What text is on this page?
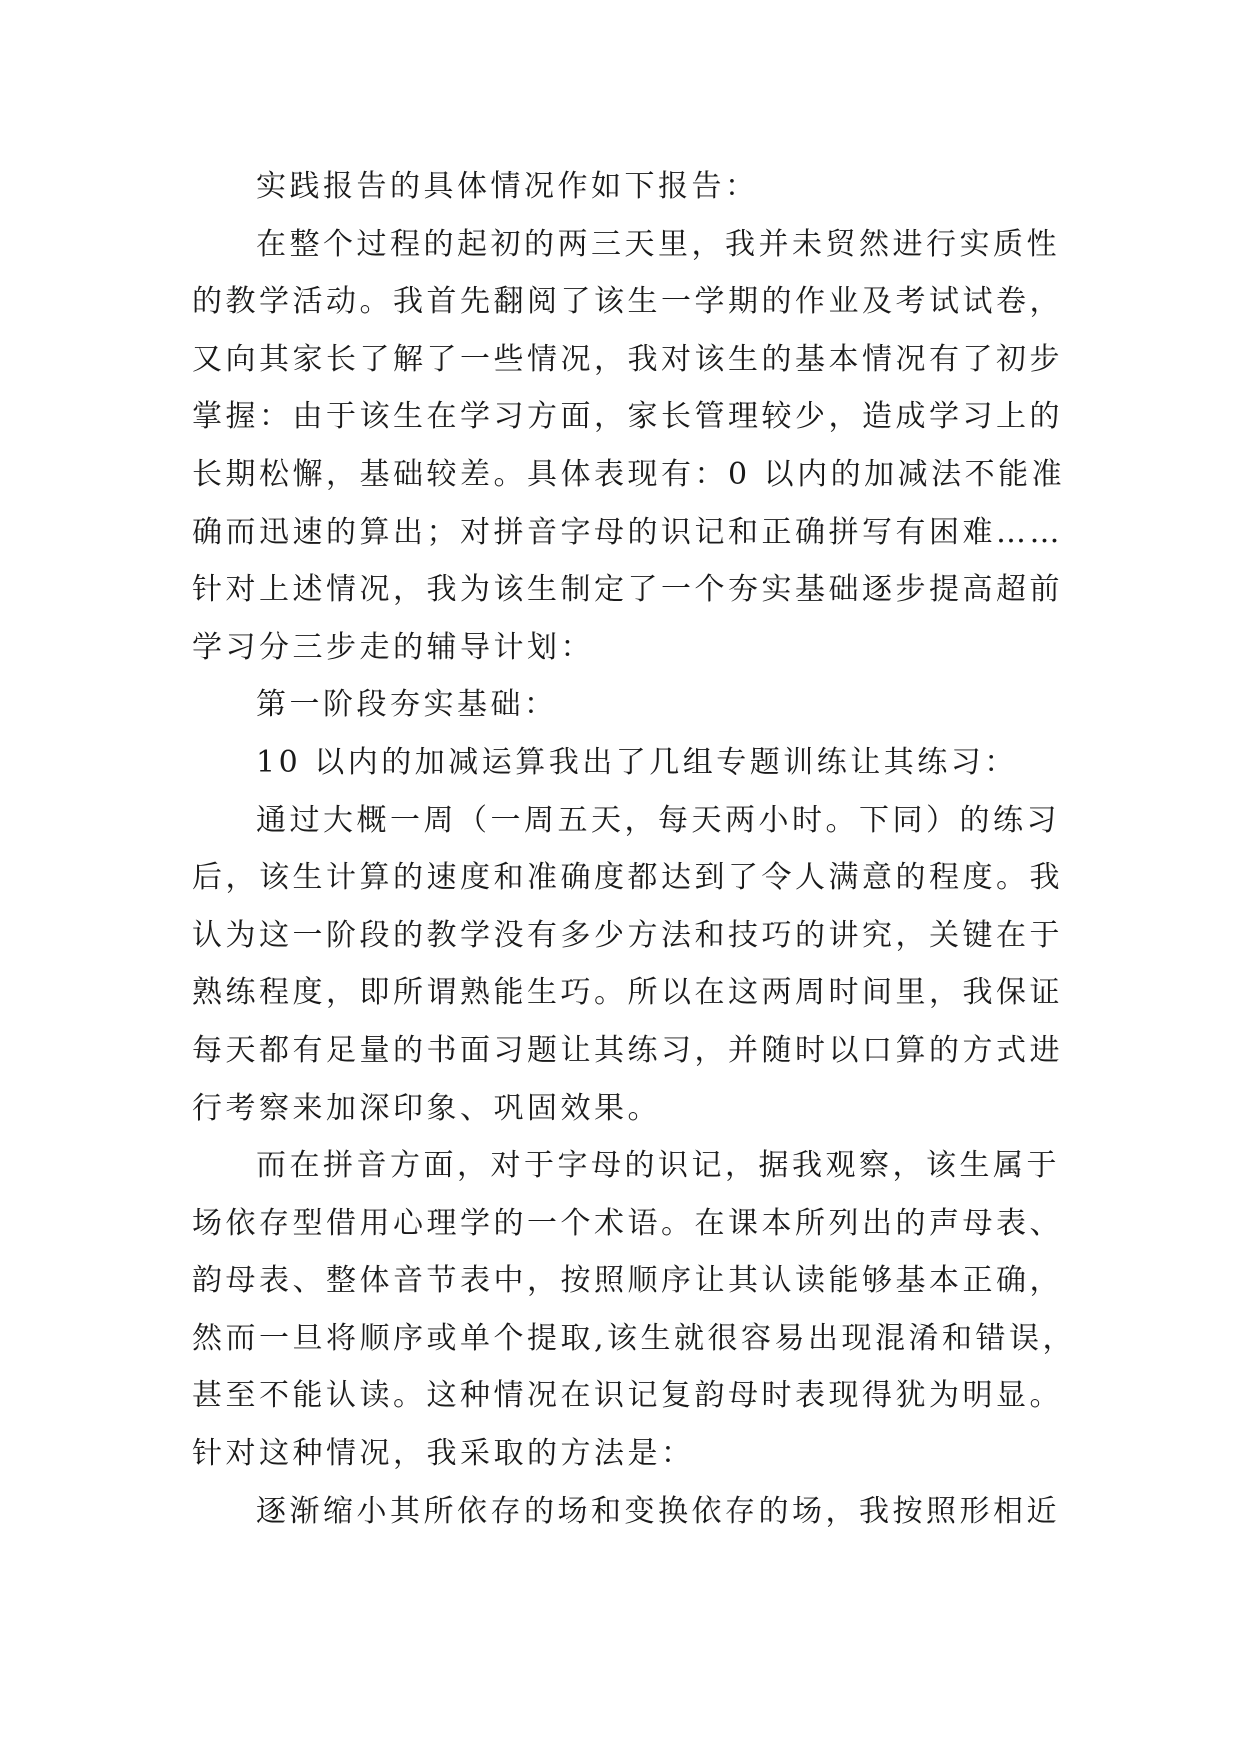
实践报告的具体情况作如下报告：
在整个过程的起初的两三天里，我并未贸然进行实质性
的教学活动。我首先翻阅了该生一学期的作业及考试试卷，
又向其家长了解了一些情况，我对该生的基本情况有了初步
掌握：由于该生在学习方面，家长管理较少，造成学习上的
长期松懈，基础较差。具体表现有：0 以内的加减法不能准
确而迅速的算出；对拼音字母的识记和正确拼写有困难……
针对上述情况，我为该生制定了一个夯实基础逐步提高超前
学习分三步走的辅导计划：
第一阶段夯实基础：
10 以内的加减运算我出了几组专题训练让其练习：
通过大概一周（一周五天，每天两小时。下同）的练习
后，该生计算的速度和准确度都达到了令人满意的程度。我
认为这一阶段的教学没有多少方法和技巧的讲究，关键在于
熟练程度，即所谓熟能生巧。所以在这两周时间里，我保证
每天都有足量的书面习题让其练习，并随时以口算的方式进
行考察来加深印象、巩固效果。
而在拼音方面，对于字母的识记，据我观察，该生属于
场依存型借用心理学的一个术语。在课本所列出的声母表、
韵母表、整体音节表中，按照顺序让其认读能够基本正确，
然而一旦将顺序或单个提取,该生就很容易出现混淆和错误，
甚至不能认读。这种情况在识记复韵母时表现得犹为明显。
针对这种情况，我采取的方法是：
逐渐缩小其所依存的场和变换依存的场，我按照形相近
